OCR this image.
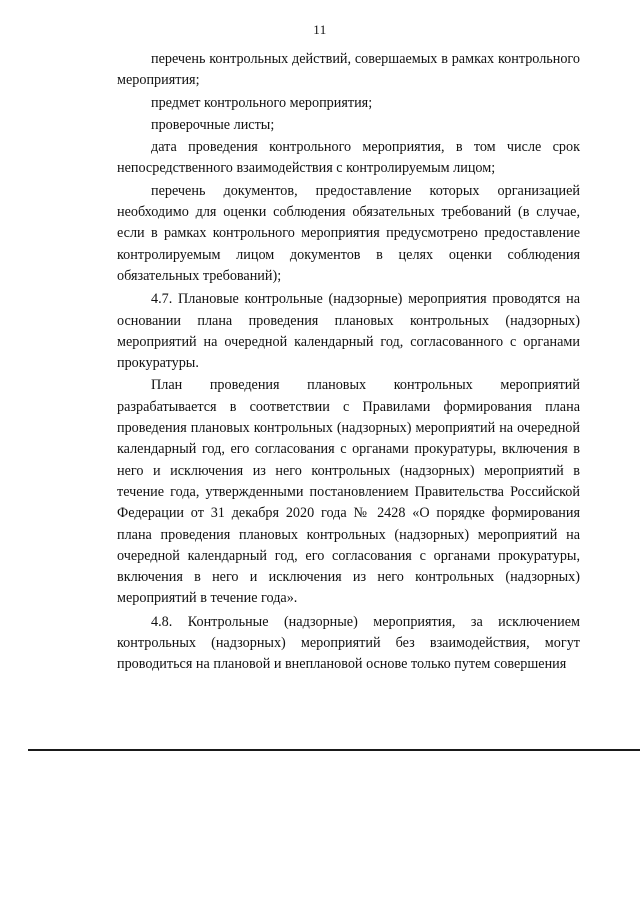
11

перечень контрольных действий, совершаемых в рамках контрольного мероприятия;

предмет контрольного мероприятия;

проверочные листы;

дата проведения контрольного мероприятия, в том числе срок непосредственного взаимодействия с контролируемым лицом;

перечень документов, предоставление которых организацией необходимо для оценки соблюдения обязательных требований (в случае, если в рамках контрольного мероприятия предусмотрено предоставление контролируемым лицом документов в целях оценки соблюдения обязательных требований);

4.7. Плановые контрольные (надзорные) мероприятия проводятся на основании плана проведения плановых контрольных (надзорных) мероприятий на очередной календарный год, согласованного с органами прокуратуры.

План проведения плановых контрольных мероприятий разрабатывается в соответствии с Правилами формирования плана проведения плановых контрольных (надзорных) мероприятий на очередной календарный год, его согласования с органами прокуратуры, включения в него и исключения из него контрольных (надзорных) мероприятий в течение года, утвержденными постановлением Правительства Российской Федерации от 31 декабря 2020 года № 2428 «О порядке формирования плана проведения плановых контрольных (надзорных) мероприятий на очередной календарный год, его согласования с органами прокуратуры, включения в него и исключения из него контрольных (надзорных) мероприятий в течение года».

4.8. Контрольные (надзорные) мероприятия, за исключением контрольных (надзорных) мероприятий без взаимодействия, могут проводиться на плановой и внеплановой основе только путем совершения
